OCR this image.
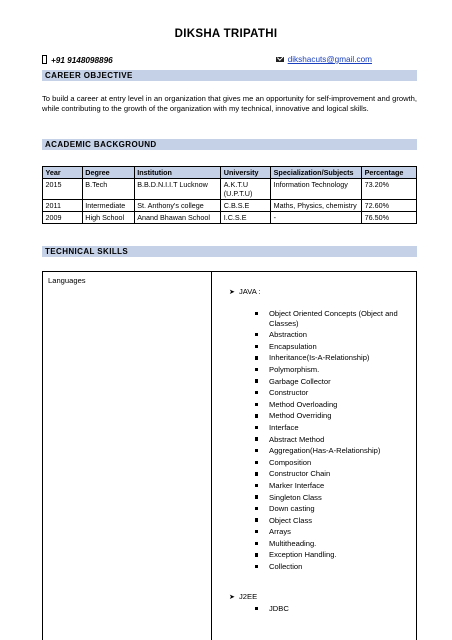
DIKSHA TRIPATHI
+91 9148098896	dikshacuts@gmail.com
CAREER OBJECTIVE
To build a career at entry level in an organization that gives me an opportunity for self-improvement and growth, while contributing to the growth of the organization with my technical, innovative and logical skills.
ACADEMIC BACKGROUND
Year	Degree	Institution	University	Specialization/Subjects	Percentage
2015	B.Tech	B.B.D.N.I.I.T Lucknow	A.K.T.U (U.P.T.U)	Information Technology	73.20%
2011	Intermediate	St. Anthony's college	C.B.S.E	Maths, Physics, chemistry	72.60%
2009	High School	Anand Bhawan School	I.C.S.E	-	76.50%
TECHNICAL SKILLS
Languages
➤ JAVA :
Object Oriented Concepts (Object and Classes)
Abstraction
Encapsulation
Inheritance(Is-A-Relationship)
Polymorphism.
Garbage Collector
Constructor
Method Overloading
Method Overriding
Interface
Abstract Method
Aggregation(Has-A-Relationship)
Composition
Constructor Chain
Marker Interface
Singleton Class
Down casting
Object Class
Arrays
Multitheading.
Exception Handling.
Collection
➤ J2EE
JDBC
